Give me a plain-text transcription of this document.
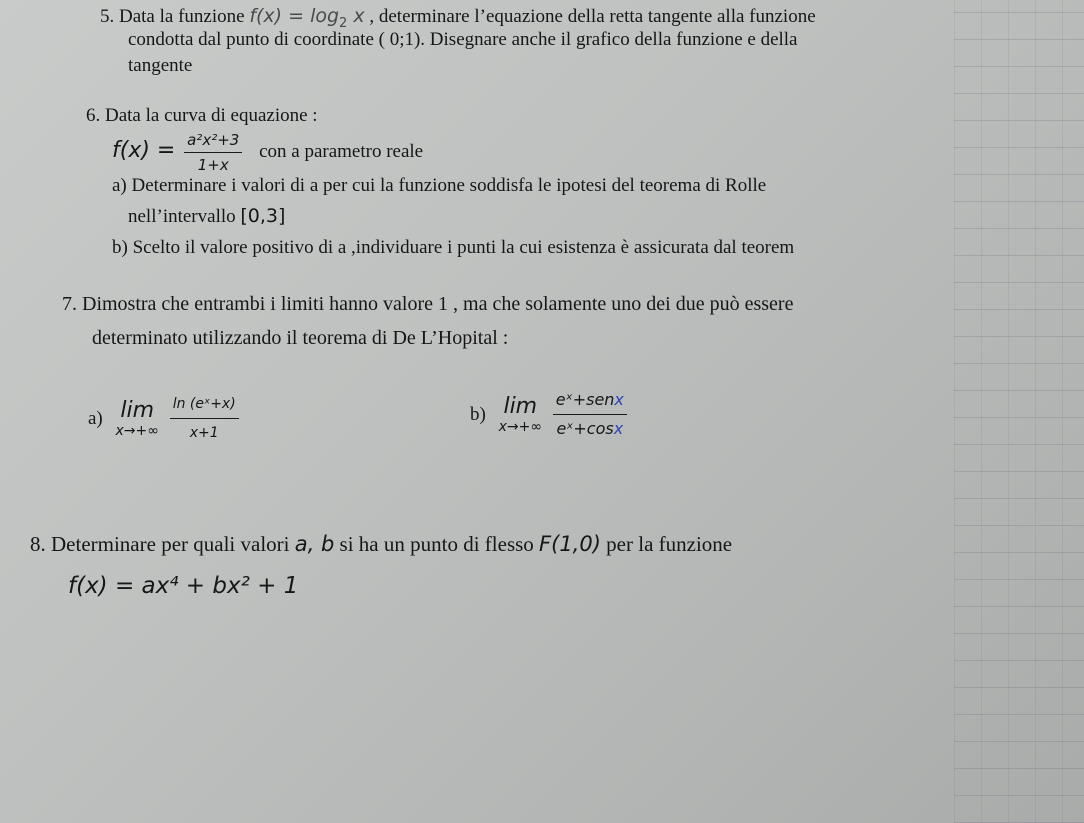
5. Data la funzione $f(x) = \log_2 x$ , determinare l’equazione della retta tangente alla funzione
condotta dal punto di coordinate ( 0;1). Disegnare anche il grafico della funzione e della
tangente
6. Data la curva di equazione :
$f(x) = \frac{\text{a²x²+3}}{1+x}$ con a parametro reale
a) Determinare i valori di a per cui la funzione soddisfa le ipotesi del teorema di Rolle
nell’intervallo [0,3]
b) Scelto il valore positivo di a ,individuare i punti la cui esistenza è assicurata dal teorem
7. Dimostra che entrambi i limiti hanno valore 1 , ma che solamente uno dei due può essere
determinato utilizzando il teorema di De L’Hopital :
a) lim
x→+∞
$\frac{\text{ln (eˣ+x)}}{x+1}$	b) lim
x→+∞
$\frac{\text{eˣ+senx}}{\text{eˣ+cosx}}$
8. Determinare per quali valori a, b si ha un punto di flesso F(1,0) per la funzione
f(x) = ax⁴ + bx² + 1
